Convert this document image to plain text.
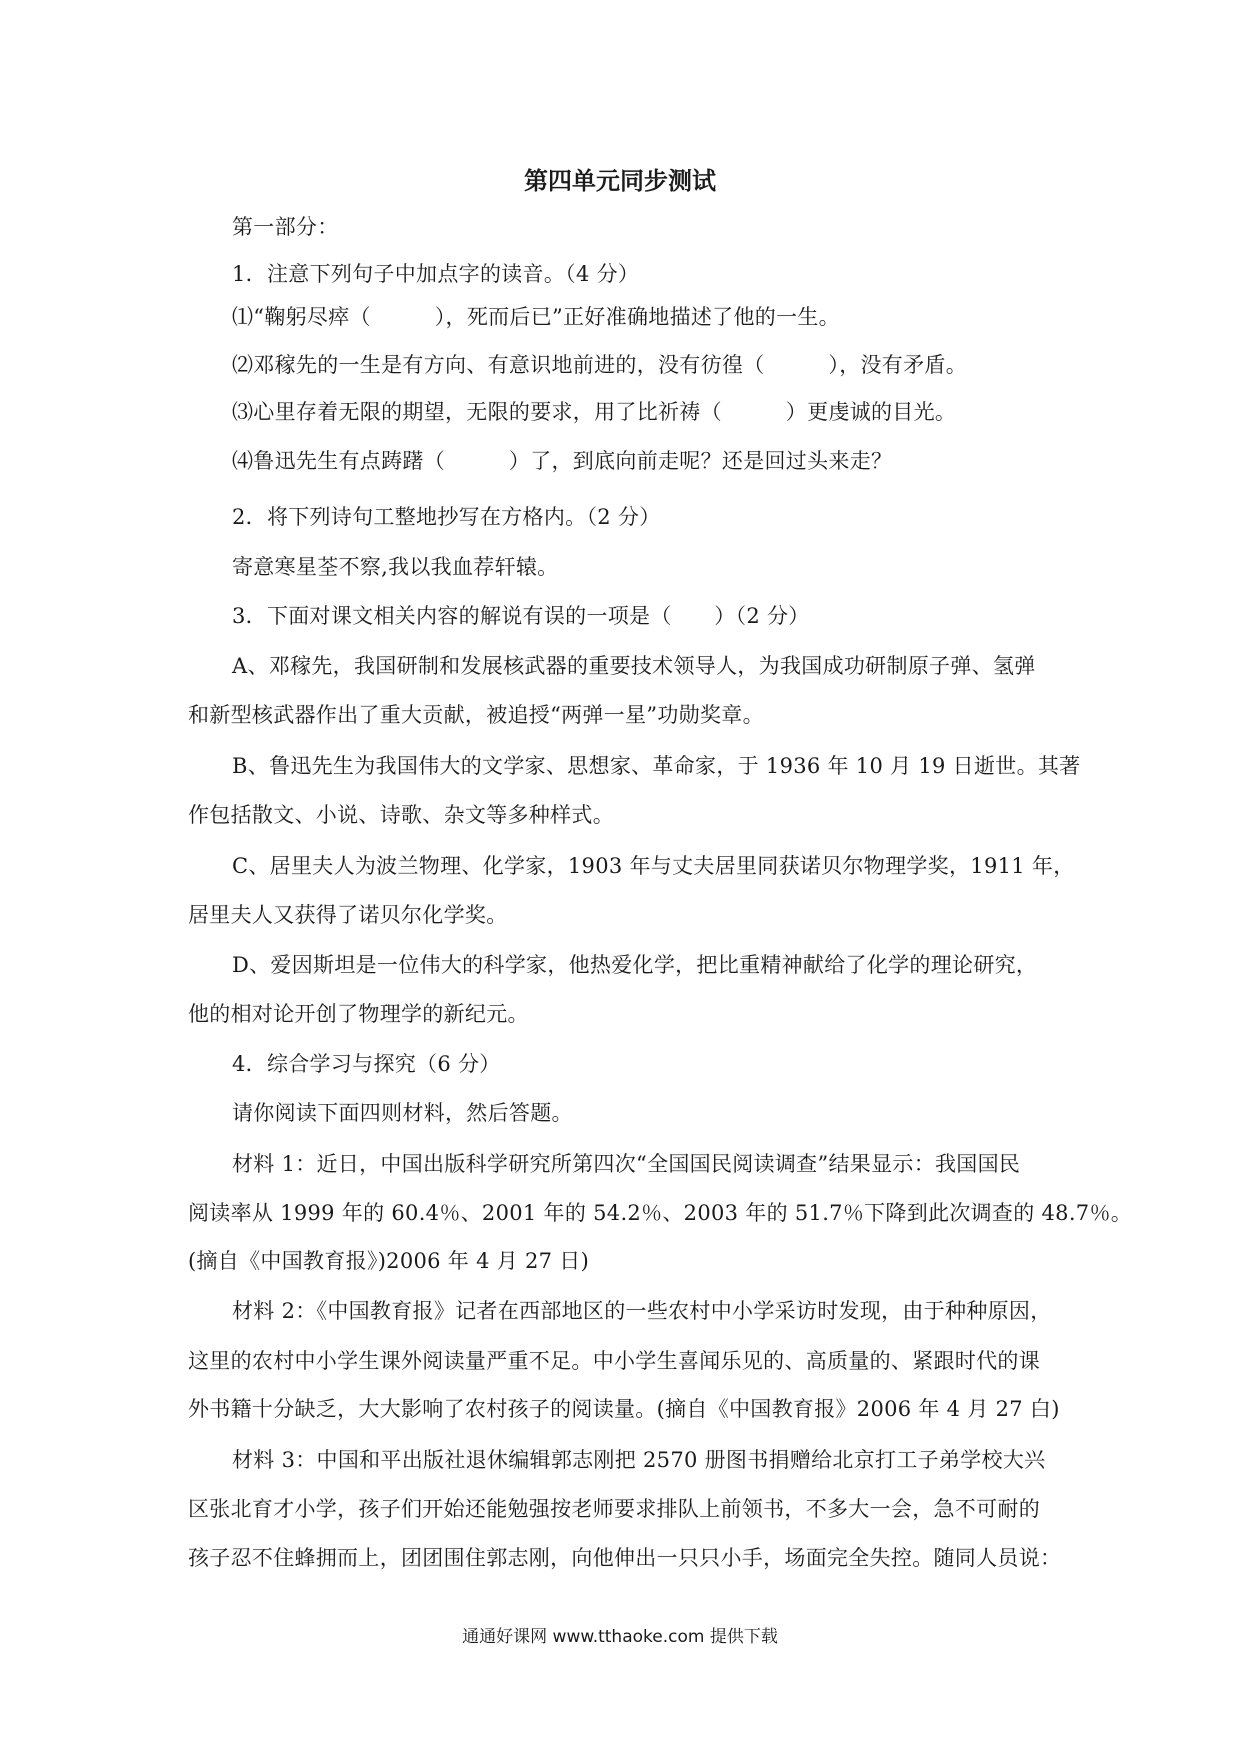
第四单元同步测试
第一部分：
1．注意下列句子中加点字的读音。（4 分）
⑴“鞠躬尽瘁（　　　），死而后已”正好准确地描述了他的一生。
⑵邓稼先的一生是有方向、有意识地前进的，没有彷徨（　　　），没有矛盾。
⑶心里存着无限的期望，无限的要求，用了比祈祷（　　　）更虔诚的目光。
⑷鲁迅先生有点踌躇（　　　）了，到底向前走呢？还是回过头来走？
2．将下列诗句工整地抄写在方格内。（2 分）
寄意寒星荃不察,我以我血荐轩辕。
3．下面对课文相关内容的解说有误的一项是（　　）（2 分）
A、邓稼先，我国研制和发展核武器的重要技术领导人，为我国成功研制原子弹、氢弹
和新型核武器作出了重大贡献，被追授“两弹一星”功勋奖章。
B、鲁迅先生为我国伟大的文学家、思想家、革命家，于 1936 年 10 月 19 日逝世。其著
作包括散文、小说、诗歌、杂文等多种样式。
C、居里夫人为波兰物理、化学家，1903 年与丈夫居里同获诺贝尔物理学奖，1911 年，
居里夫人又获得了诺贝尔化学奖。
D、爱因斯坦是一位伟大的科学家，他热爱化学，把比重精神献给了化学的理论研究，
他的相对论开创了物理学的新纪元。
4．综合学习与探究（6 分）
请你阅读下面四则材料，然后答题。
材料 1：近日，中国出版科学研究所第四次“全国国民阅读调查”结果显示：我国国民
阅读率从 1999 年的 60.4％、2001 年的 54.2％、2003 年的 51.7％下降到此次调查的 48.7％。
(摘自《中国教育报》)2006 年 4 月 27 日)
材料 2：《中国教育报》记者在西部地区的一些农村中小学采访时发现，由于种种原因，
这里的农村中小学生课外阅读量严重不足。中小学生喜闻乐见的、高质量的、紧跟时代的课
外书籍十分缺乏，大大影响了农村孩子的阅读量。(摘自《中国教育报》2006 年 4 月 27 白)
材料 3：中国和平出版社退休编辑郭志刚把 2570 册图书捐赠给北京打工子弟学校大兴
区张北育才小学，孩子们开始还能勉强按老师要求排队上前领书，不多大一会，急不可耐的
孩子忍不住蜂拥而上，团团围住郭志刚，向他伸出一只只小手，场面完全失控。随同人员说：
通通好课网 www.tthaoke.com 提供下载
